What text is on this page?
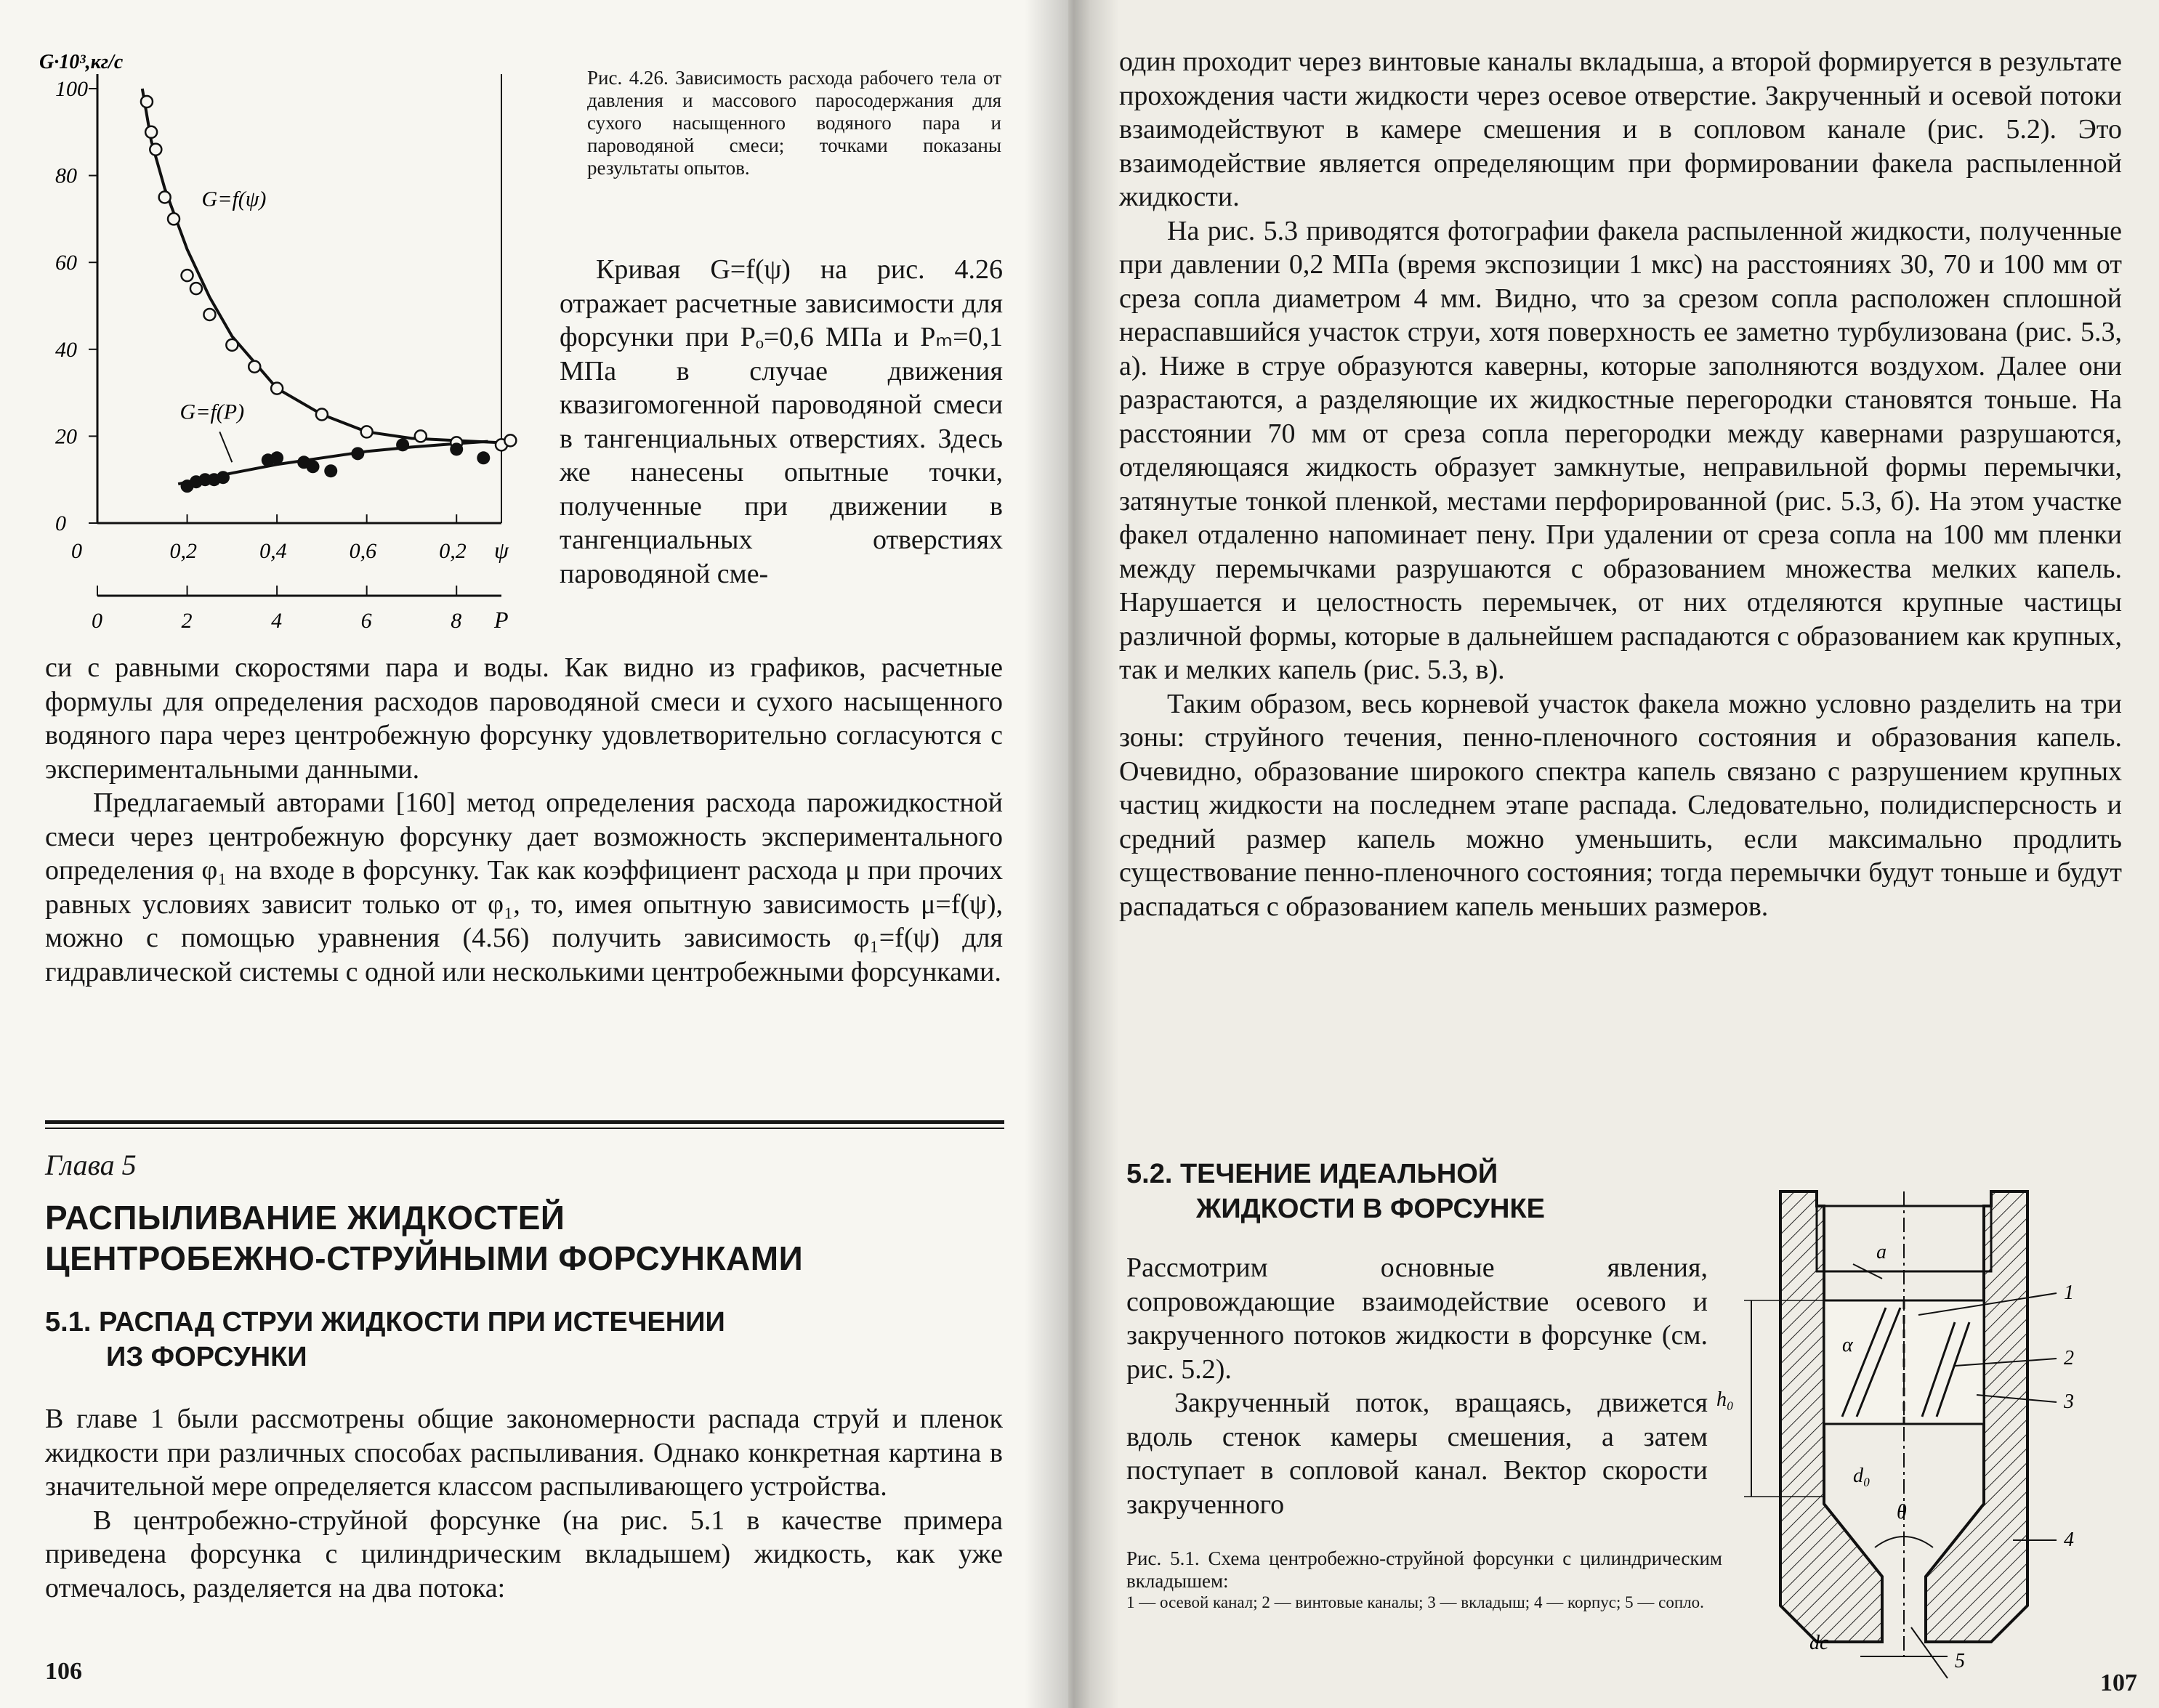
0
20
40
60
80
100
0,2	0,4	0,6	0,2
0	ψ
0	2	4	6	8 P
G·10³,кг/с
G=f(ψ)
G=f(P)

Рис. 4.26. Зависимость расхода рабочего тела от давления и массового паросодержания для сухого насыщенного водяного пара и пароводяной смеси; точками показаны результаты опытов.

Кривая G=f(ψ) на рис. 4.26 отражает расчетные зависимости для форсунки при Pₒ=0,6 МПа и Pₘ=0,1 МПа в случае движения квазигомогенной пароводяной смеси в тангенциальных отверстиях. Здесь же нанесены опытные точки, полученные при движении в тангенциальных отверстиях пароводяной сме-

си с равными скоростями пара и воды. Как видно из графиков, расчетные формулы для определения расходов пароводяной смеси и сухого насыщенного водяного пара через центробежную форсунку удовлетворительно согласуются с экспериментальными данными.

Предлагаемый авторами [160] метод определения расхода парожидкостной смеси через центробежную форсунку дает возможность экспериментального определения φ₁ на входе в форсунку. Так как коэффициент расхода μ при прочих равных условиях зависит только от φ₁, то, имея опытную зависимость μ=f(ψ), можно с помощью уравнения (4.56) получить зависимость φ₁=f(ψ) для гидравлической системы с одной или несколькими центробежными форсунками.

Глава 5
РАСПЫЛИВАНИЕ ЖИДКОСТЕЙ
ЦЕНТРОБЕЖНО-СТРУЙНЫМИ ФОРСУНКАМИ
5.1. РАСПАД СТРУИ ЖИДКОСТИ ПРИ ИСТЕЧЕНИИ
ИЗ ФОРСУНКИ

В главе 1 были рассмотрены общие закономерности распада струй и пленок жидкости при различных способах распыливания. Однако конкретная картина в значительной мере определяется классом распыливающего устройства.

В центробежно-струйной форсунке (на рис. 5.1 в качестве примера приведена форсунка с цилиндрическим вкладышем) жидкость, как уже отмечалось, разделяется на два потока:

106

один проходит через винтовые каналы вкладыша, а второй формируется в результате прохождения части жидкости через осевое отверстие. Закрученный и осевой потоки взаимодействуют в камере смешения и в сопловом канале (рис. 5.2). Это взаимодействие является определяющим при формировании факела распыленной жидкости.

На рис. 5.3 приводятся фотографии факела распыленной жидкости, полученные при давлении 0,2 МПа (время экспозиции 1 мкс) на расстояниях 30, 70 и 100 мм от среза сопла диаметром 4 мм. Видно, что за срезом сопла расположен сплошной нераспавшийся участок струи, хотя поверхность ее заметно турбулизована (рис. 5.3, а). Ниже в струе образуются каверны, которые заполняются воздухом. Далее они разрастаются, а разделяющие их жидкостные перегородки становятся тоньше. На расстоянии 70 мм от среза сопла перегородки между кавернами разрушаются, отделяющаяся жидкость образует замкнутые, неправильной формы перемычки, затянутые тонкой пленкой, местами перфорированной (рис. 5.3, б). На этом участке факел отдаленно напоминает пену. При удалении от среза сопла на 100 мм пленки между перемычками разрушаются с образованием множества мелких капель. Нарушается и целостность перемычек, от них отделяются крупные частицы различной формы, которые в дальнейшем распадаются с образованием как крупных, так и мелких капель (рис. 5.3, в).

Таким образом, весь корневой участок факела можно условно разделить на три зоны: струйного течения, пенно-пленочного состояния и образования капель. Очевидно, образование широкого спектра капель связано с разрушением крупных частиц жидкости на последнем этапе распада. Следовательно, полидисперсность и средний размер капель можно уменьшить, если максимально продлить существование пенно-пленочного состояния; тогда перемычки будут тоньше и будут распадаться с образованием капель меньших размеров.

5.2. ТЕЧЕНИЕ ИДЕАЛЬНОЙ
ЖИДКОСТИ В ФОРСУНКЕ

Рассмотрим основные явления, сопровождающие взаимодействие осевого и закрученного потоков жидкости в форсунке (см. рис. 5.2).

Закрученный поток, вращаясь, движется вдоль стенок камеры смешения, а затем поступает в сопловой канал. Вектор скорости закрученного

Рис. 5.1. Схема центробежно-струйной форсунки с цилиндрическим вкладышем:

1 — осевой канал; 2 — винтовые каналы; 3 — вкладыш; 4 — корпус; 5 — сопло.

107
a
α
h₀
d₀
θ
dc
1
2
3
4
5
